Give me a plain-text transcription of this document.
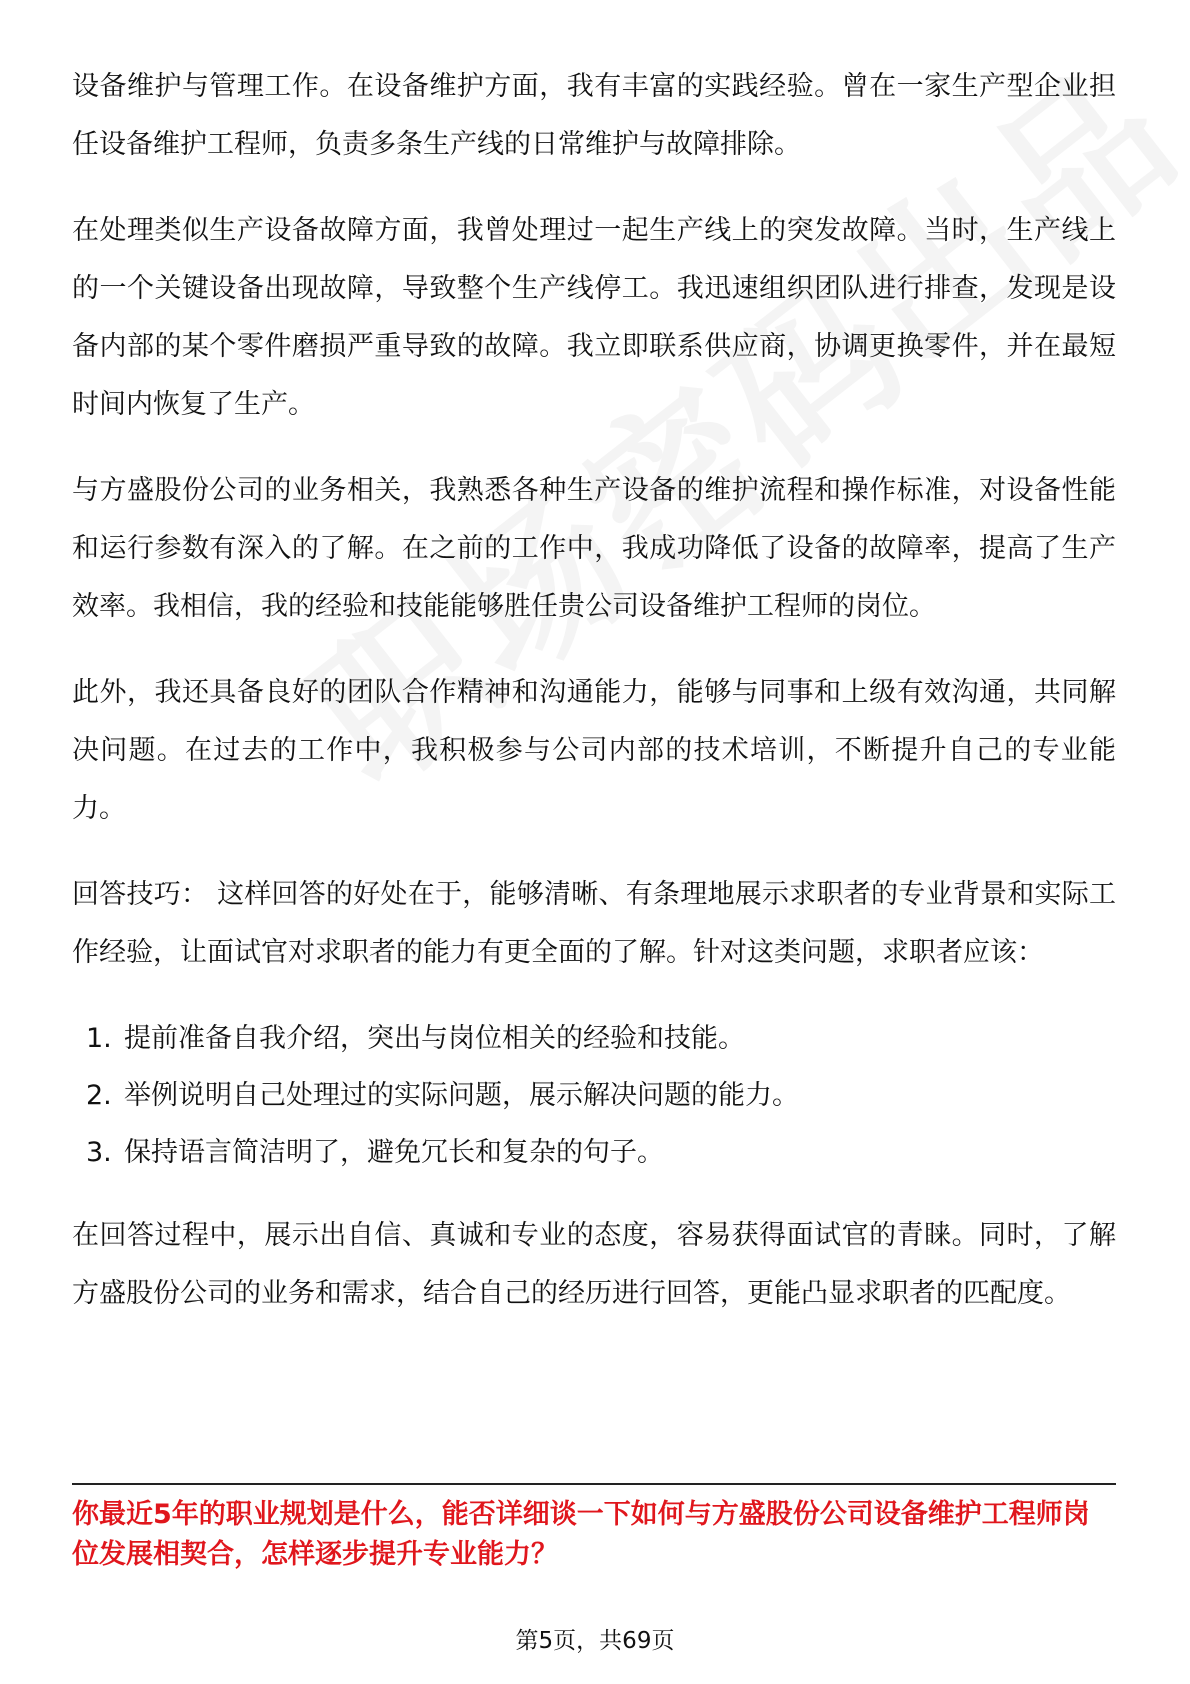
设备维护与管理工作。在设备维护方面，我有丰富的实践经验。曾在一家生产型企业担任设备维护工程师，负责多条生产线的日常维护与故障排除。

在处理类似生产设备故障方面，我曾处理过一起生产线上的突发故障。当时，生产线上的一个关键设备出现故障，导致整个生产线停工。我迅速组织团队进行排查，发现是设备内部的某个零件磨损严重导致的故障。我立即联系供应商，协调更换零件，并在最短时间内恢复了生产。

与方盛股份公司的业务相关，我熟悉各种生产设备的维护流程和操作标准，对设备性能和运行参数有深入的了解。在之前的工作中，我成功降低了设备的故障率，提高了生产效率。我相信，我的经验和技能能够胜任贵公司设备维护工程师的岗位。

此外，我还具备良好的团队合作精神和沟通能力，能够与同事和上级有效沟通，共同解决问题。在过去的工作中，我积极参与公司内部的技术培训，不断提升自己的专业能力。

回答技巧： 这样回答的好处在于，能够清晰、有条理地展示求职者的专业背景和实际工作经验，让面试官对求职者的能力有更全面的了解。针对这类问题，求职者应该：

1. 提前准备自我介绍，突出与岗位相关的经验和技能。
2. 举例说明自己处理过的实际问题，展示解决问题的能力。
3. 保持语言简洁明了，避免冗长和复杂的句子。

在回答过程中，展示出自信、真诚和专业的态度，容易获得面试官的青睐。同时，了解方盛股份公司的业务和需求，结合自己的经历进行回答，更能凸显求职者的匹配度。

你最近5年的职业规划是什么，能否详细谈一下如何与方盛股份公司设备维护工程师岗位发展相契合，怎样逐步提升专业能力？
第5页，共69页
